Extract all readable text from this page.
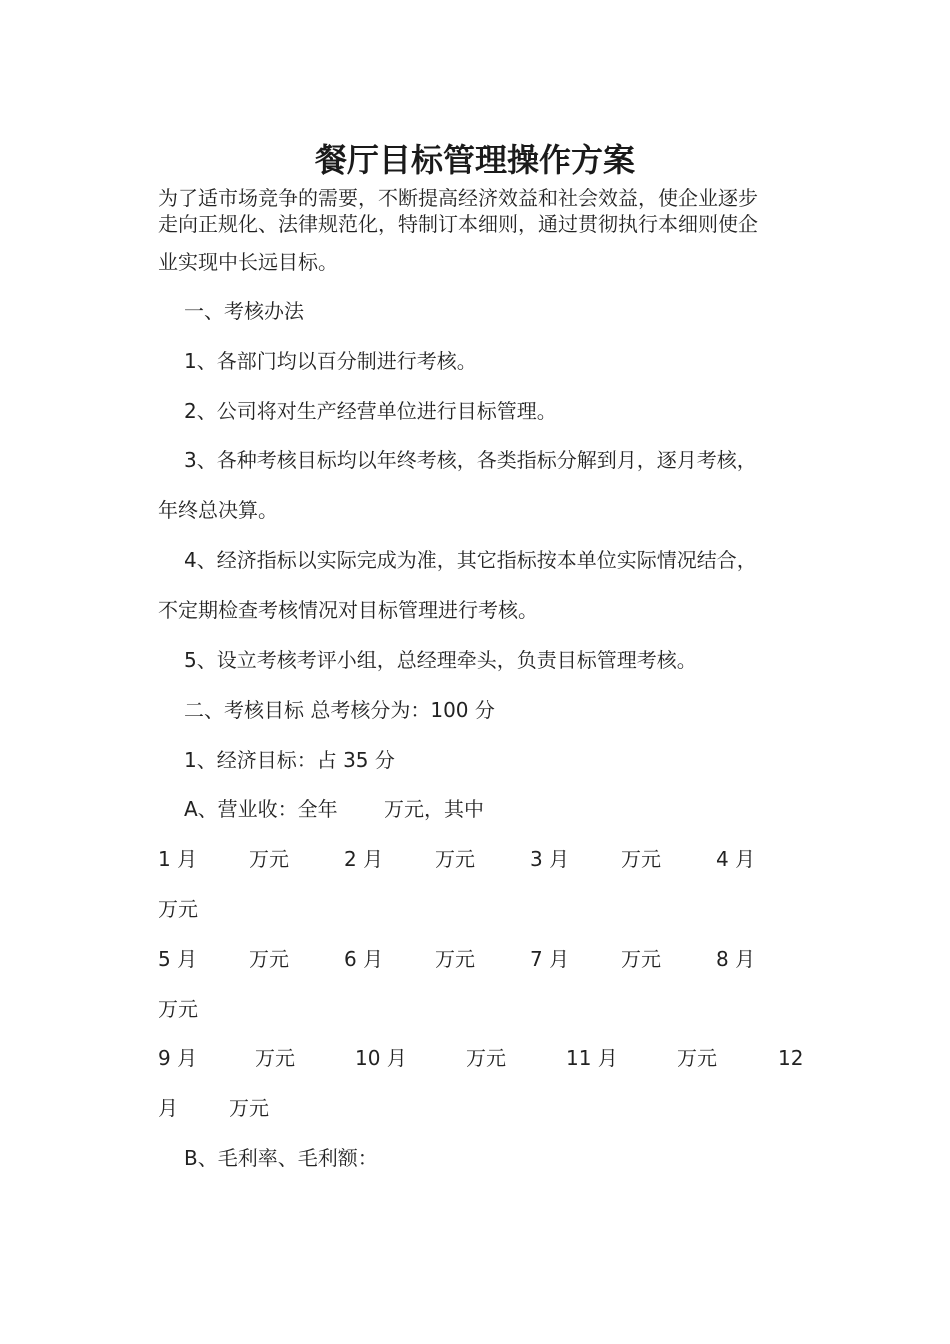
餐厅目标管理操作方案

为了适市场竞争的需要，不断提高经济效益和社会效益，使企业逐步

走向正规化、法律规范化，特制订本细则，通过贯彻执行本细则使企

业实现中长远目标。

一、考核办法

1、各部门均以百分制进行考核。

2、公司将对生产经营单位进行目标管理。

3、各种考核目标均以年终考核，各类指标分解到月，逐月考核，

年终总决算。

4、经济指标以实际完成为准，其它指标按本单位实际情况结合，

不定期检查考核情况对目标管理进行考核。

5、设立考核考评小组，总经理牵头，负责目标管理考核。

二、考核目标 总考核分为：100 分

1、经济目标：占 35 分

A、营业收：全年　　 万元，其中

1 月	万元	2 月	万元	3 月	万元	4 月

万元

5 月	万元	6 月	万元	7 月	万元	8 月

万元

9 月	万元	10 月	万元	11 月	万元	12
月	万元

B、毛利率、毛利额：
